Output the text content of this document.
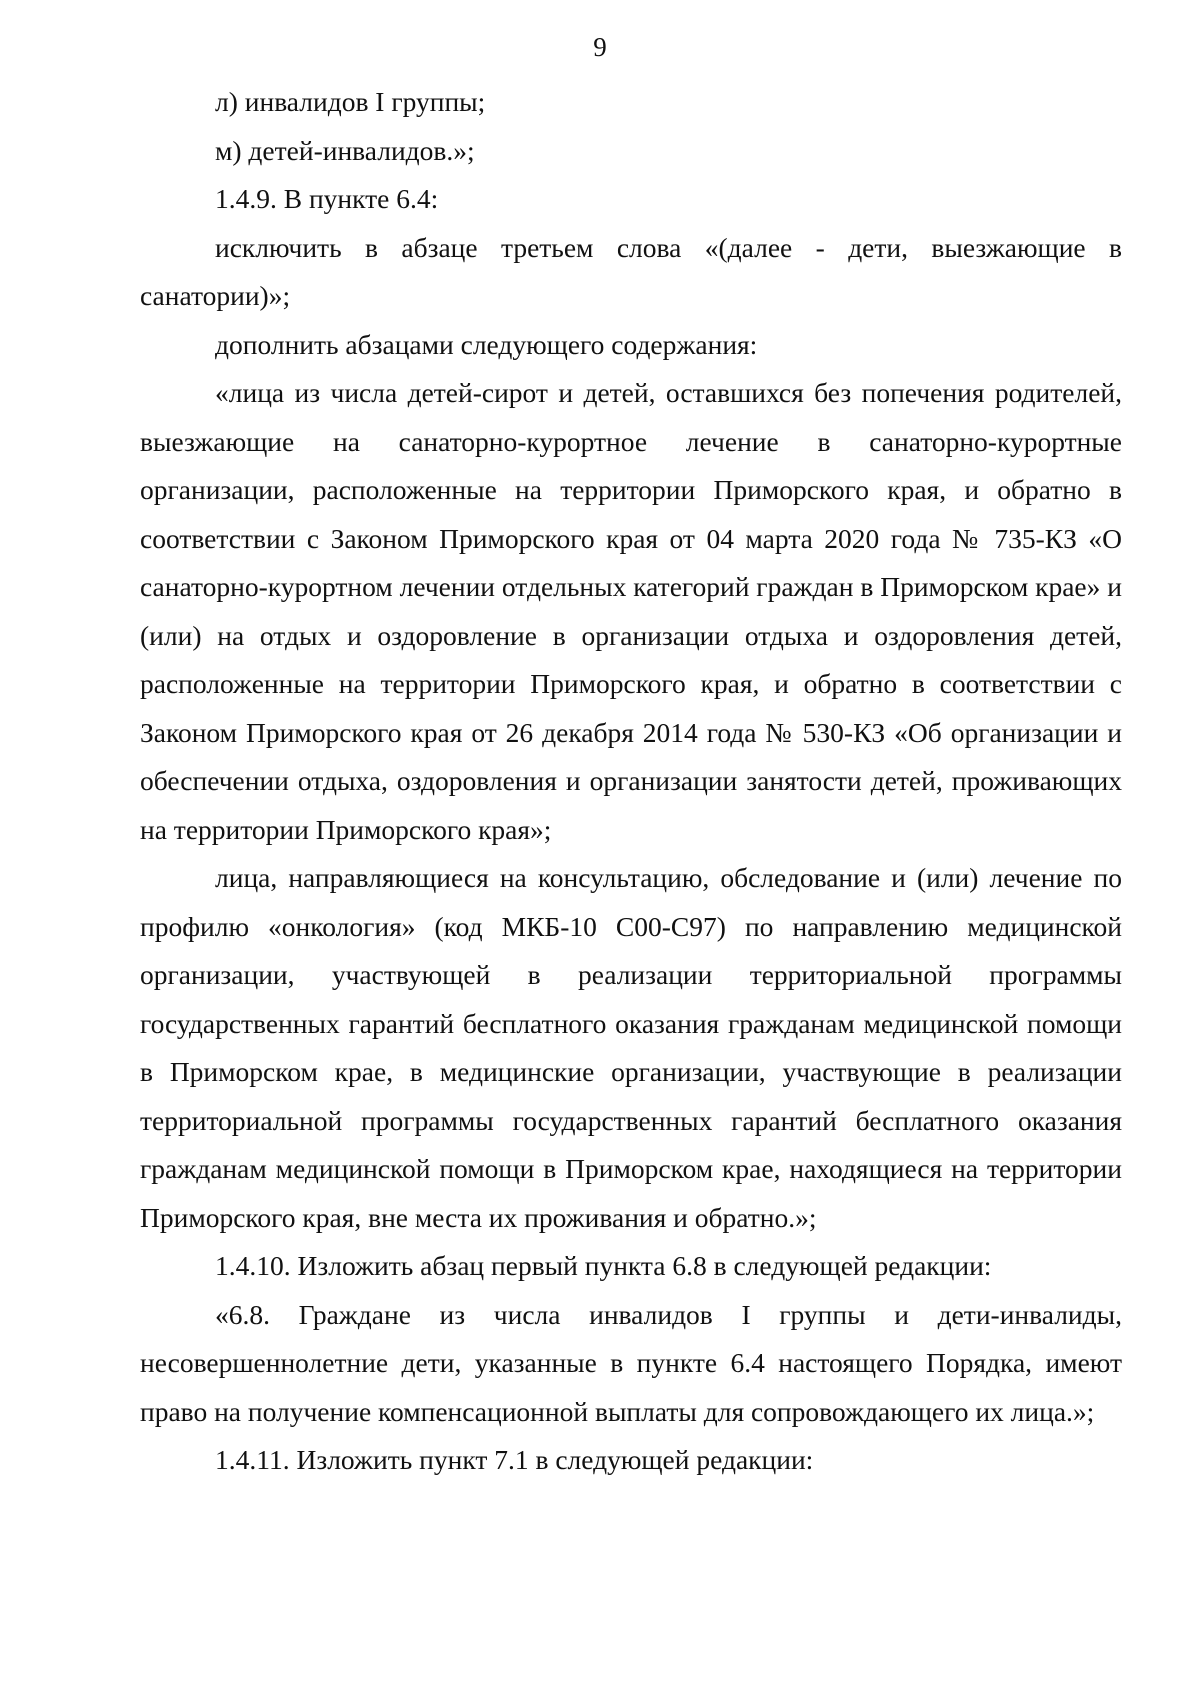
9

л) инвалидов I группы;

м) детей-инвалидов.»;

1.4.9. В пункте 6.4:

исключить в абзаце третьем слова «(далее - дети, выезжающие в санатории)»;

дополнить абзацами следующего содержания:

«лица из числа детей-сирот и детей, оставшихся без попечения родителей, выезжающие на санаторно-курортное лечение в санаторно-курортные организации, расположенные на территории Приморского края, и обратно в соответствии с Законом Приморского края от 04 марта 2020 года № 735-КЗ «О санаторно-курортном лечении отдельных категорий граждан в Приморском крае» и (или) на отдых и оздоровление в организации отдыха и оздоровления детей, расположенные на территории Приморского края, и обратно в соответствии с Законом Приморского края от 26 декабря 2014 года № 530-КЗ «Об организации и обеспечении отдыха, оздоровления и организации занятости детей, проживающих на территории Приморского края»;

лица, направляющиеся на консультацию, обследование и (или) лечение по профилю «онкология» (код МКБ-10 С00-С97) по направлению медицинской организации, участвующей в реализации территориальной программы государственных гарантий бесплатного оказания гражданам медицинской помощи в Приморском крае, в медицинские организации, участвующие в реализации территориальной программы государственных гарантий бесплатного оказания гражданам медицинской помощи в Приморском крае, находящиеся на территории Приморского края, вне места их проживания и обратно.»;

1.4.10. Изложить абзац первый пункта 6.8 в следующей редакции:

«6.8. Граждане из числа инвалидов I группы и дети-инвалиды, несовершеннолетние дети, указанные в пункте 6.4 настоящего Порядка, имеют право на получение компенсационной выплаты для сопровождающего их лица.»;

1.4.11. Изложить пункт 7.1 в следующей редакции:
